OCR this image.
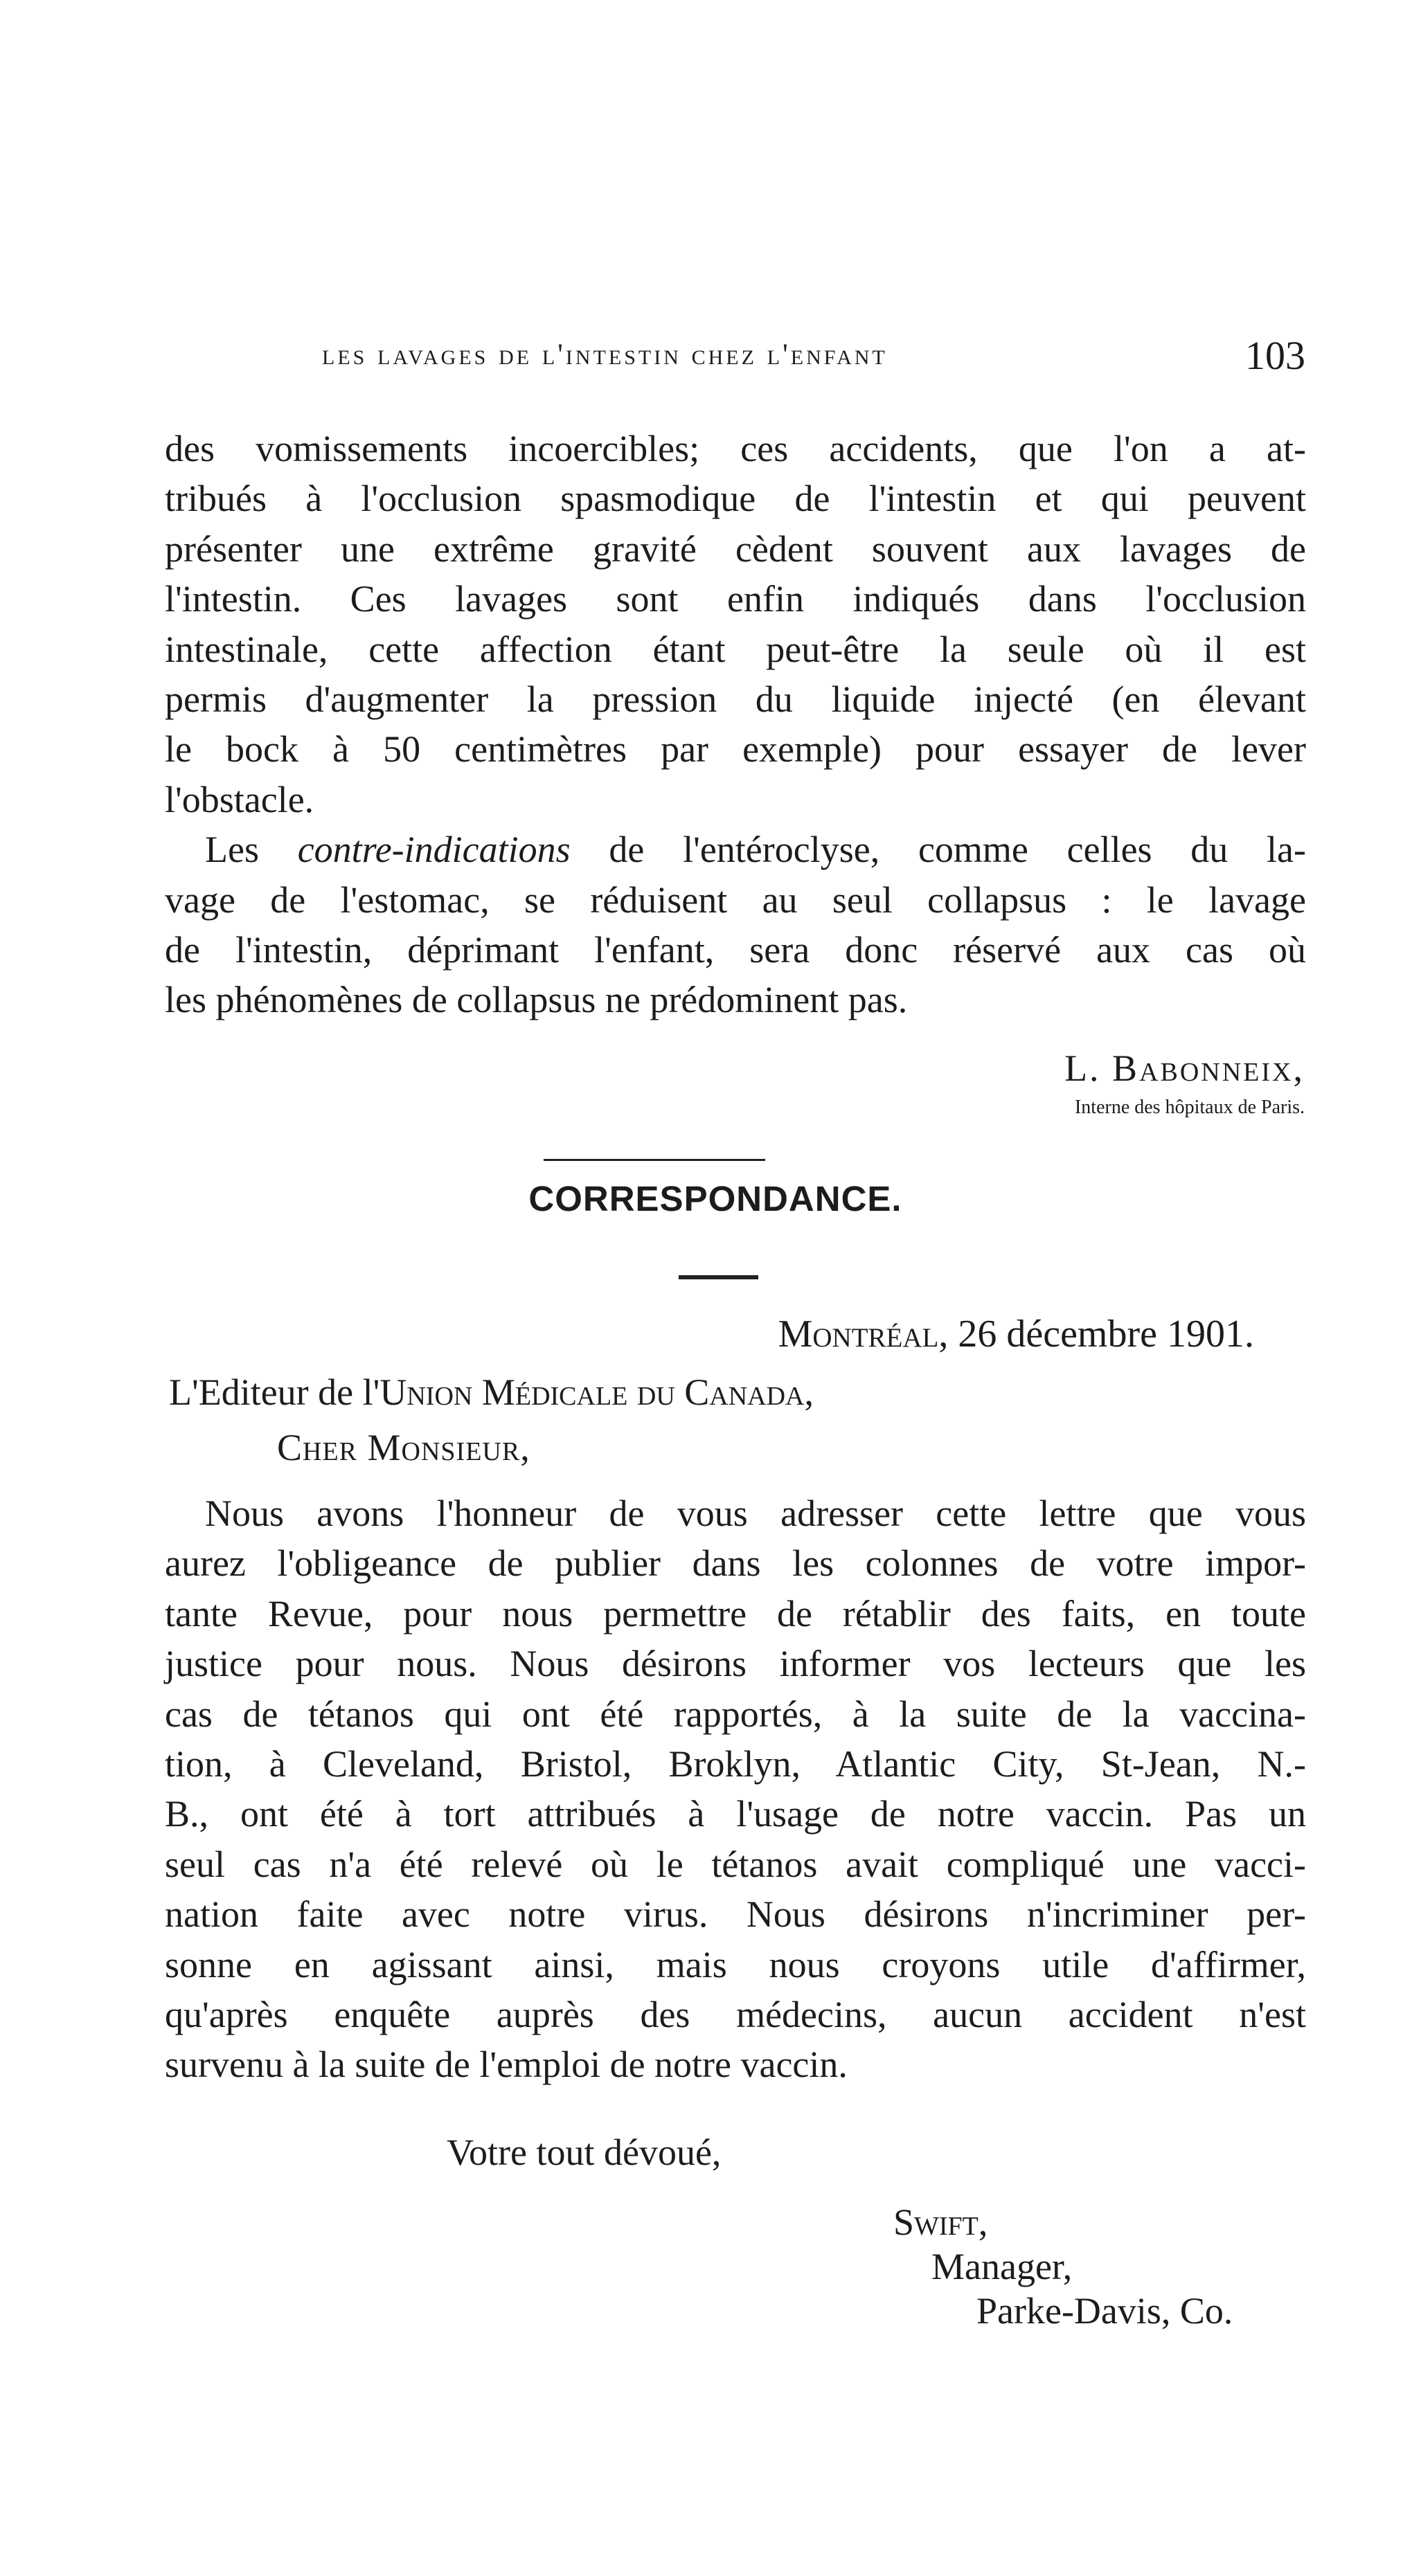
les lavages de l'intestin chez l'enfant	103
des vomissements incoercibles; ces accidents, que l'on a at-
tribués à l'occlusion spasmodique de l'intestin et qui peuvent
présenter une extrême gravité cèdent souvent aux lavages de
l'intestin. Ces lavages sont enfin indiqués dans l'occlusion
intestinale, cette affection étant peut-être la seule où il est
permis d'augmenter la pression du liquide injecté (en élevant
le bock à 50 centimètres par exemple) pour essayer de lever
l'obstacle.
Les contre-indications de l'entéroclyse, comme celles du la-
vage de l'estomac, se réduisent au seul collapsus : le lavage
de l'intestin, déprimant l'enfant, sera donc réservé aux cas où
les phénomènes de collapsus ne prédominent pas.
L. Babonneix,
Interne des hôpitaux de Paris.
CORRESPONDANCE.
Montréal, 26 décembre 1901.
L'Editeur de l'Union Médicale du Canada,
Cher Monsieur,
Nous avons l'honneur de vous adresser cette lettre que vous
aurez l'obligeance de publier dans les colonnes de votre impor-
tante Revue, pour nous permettre de rétablir des faits, en toute
justice pour nous. Nous désirons informer vos lecteurs que les
cas de tétanos qui ont été rapportés, à la suite de la vaccina-
tion, à Cleveland, Bristol, Broklyn, Atlantic City, St-Jean, N.-
B., ont été à tort attribués à l'usage de notre vaccin. Pas un
seul cas n'a été relevé où le tétanos avait compliqué une vacci-
nation faite avec notre virus. Nous désirons n'incriminer per-
sonne en agissant ainsi, mais nous croyons utile d'affirmer,
qu'après enquête auprès des médecins, aucun accident n'est
survenu à la suite de l'emploi de notre vaccin.
Votre tout dévoué,
Swift,
Manager,
Parke-Davis, Co.
